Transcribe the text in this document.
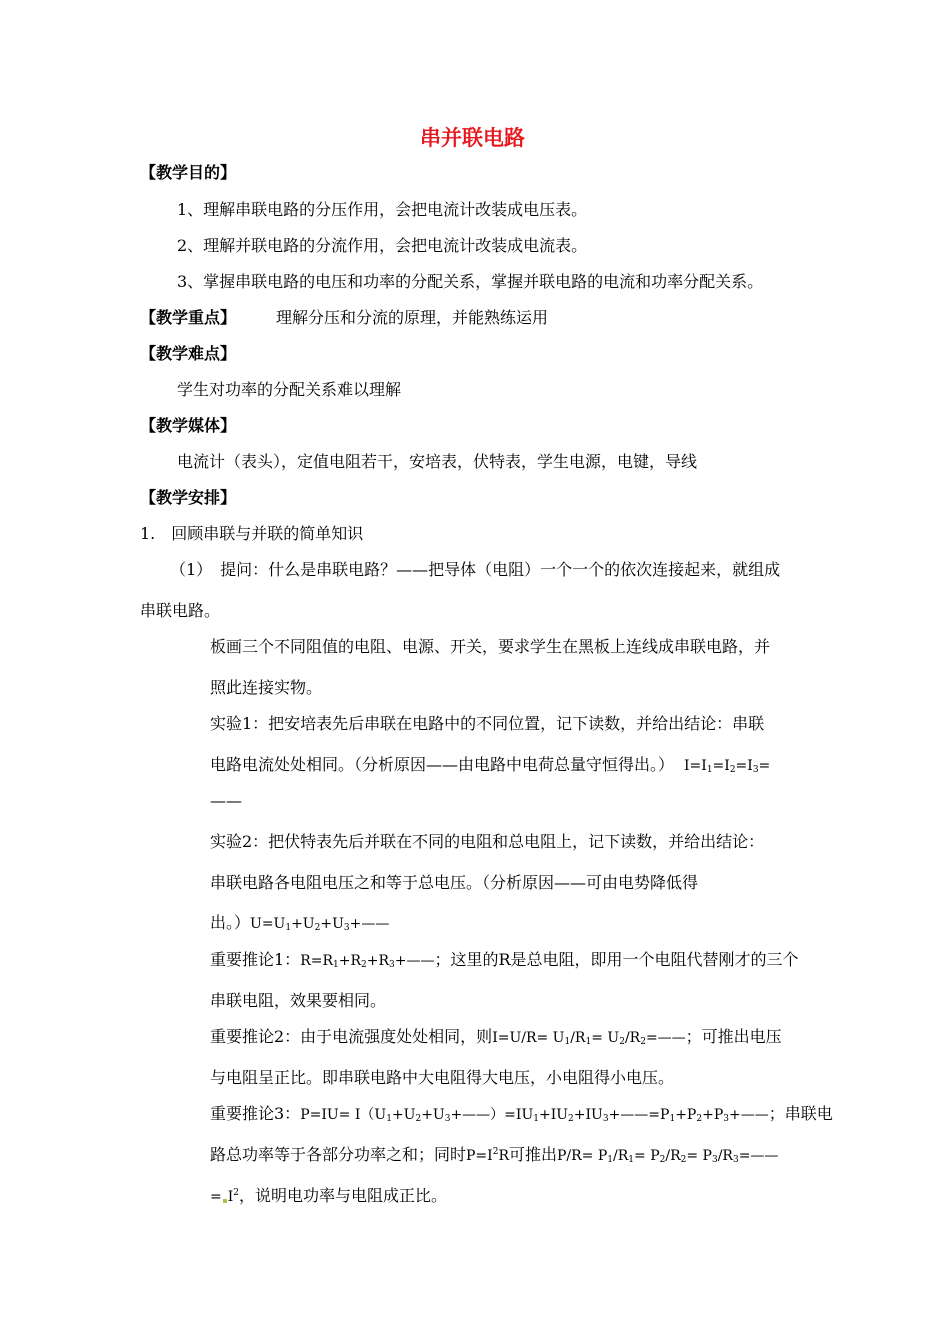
串并联电路
【教学目的】
1、理解串联电路的分压作用，会把电流计改装成电压表。
2、理解并联电路的分流作用，会把电流计改装成电流表。
3、掌握串联电路的电压和功率的分配关系，掌握并联电路的电流和功率分配关系。
【教学重点】	理解分压和分流的原理，并能熟练运用
【教学难点】
学生对功率的分配关系难以理解
【教学媒体】
电流计（表头），定值电阻若干，安培表，伏特表，学生电源，电键，导线
【教学安排】
1.　回顾串联与并联的简单知识
（1）　提问：什么是串联电路？——把导体（电阻）一个一个的依次连接起来，就组成
串联电路。
板画三个不同阻值的电阻、电源、开关，要求学生在黑板上连线成串联电路，并
照此连接实物。
实验1：把安培表先后串联在电路中的不同位置，记下读数，并给出结论：串联
电路电流处处相同。（分析原因——由电路中电荷总量守恒得出。） $I=I_1=I_2=I_3=$
——
实验2：把伏特表先后并联在不同的电阻和总电阻上，记下读数，并给出结论：
串联电路各电阻电压之和等于总电压。（分析原因——可由电势降低得
出。）$U=U_1+U_2+U_3+——$
重要推论1：$R=R_1+R_2+R_3+——$；这里的R是总电阻，即用一个电阻代替刚才的三个
串联电阻，效果要相同。
重要推论2：由于电流强度处处相同，则$I=U/R= U_1/R_1=$ $U_2/R_2=——$；可推出电压
与电阻呈正比。即串联电路中大电阻得大电压，小电阻得小电压。
重要推论3：$P=IU= I(U_1+U_2+U_3+——)=IU_1+IU_2+IU_3+——=P_1+P_2+P_3+——$；串联电
路总功率等于各部分功率之和；同时$P=I^2R$可推出$P/R= P_1/R_1= P_2/R_2=$ $P_3/R_3=——$
= $I^2$，说明电功率与电阻成正比。
